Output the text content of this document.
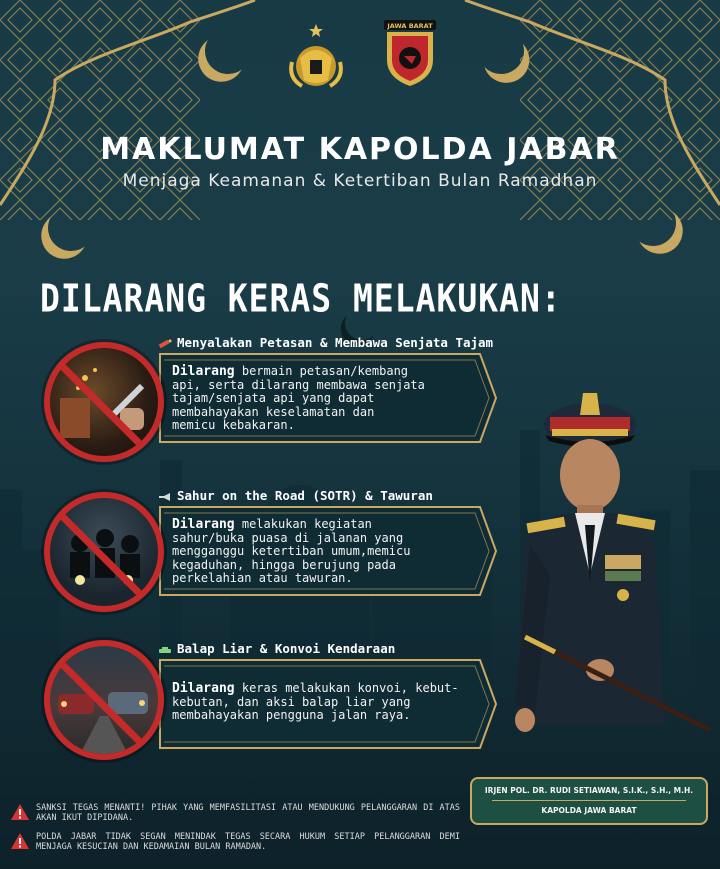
JAWA BARAT
MAKLUMAT KAPOLDA JABAR
Menjaga Keamanan & Ketertiban Bulan Ramadhan
DILARANG KERAS MELAKUKAN:
Menyalakan Petasan & Membawa Senjata Tajam
Dilarang bermain petasan/kembang
api, serta dilarang membawa senjata
tajam/senjata api yang dapat
membahayakan keselamatan dan
memicu kebakaran.
Sahur on the Road (SOTR) & Tawuran
Dilarang melakukan kegiatan
sahur/buka puasa di jalanan yang
mengganggu ketertiban umum,memicu
kegaduhan, hingga berujung pada
perkelahian atau tawuran.
Balap Liar & Konvoi Kendaraan
Dilarang keras melakukan konvoi, kebut-
kebutan, dan aksi balap liar yang
membahayakan pengguna jalan raya.
IRJEN POL. DR. RUDI SETIAWAN, S.I.K., S.H., M.H.
KAPOLDA JAWA BARAT
SANKSI TEGAS MENANTI! PIHAK YANG MEMFASILITASI ATAU MENDUKUNG PELANGGARAN DI ATAS AKAN IKUT DIPIDANA.
POLDA JABAR TIDAK SEGAN MENINDAK TEGAS SECARA HUKUM SETIAP PELANGGARAN DEMI MENJAGA KESUCIAN DAN KEDAMAIAN BULAN RAMADAN.
